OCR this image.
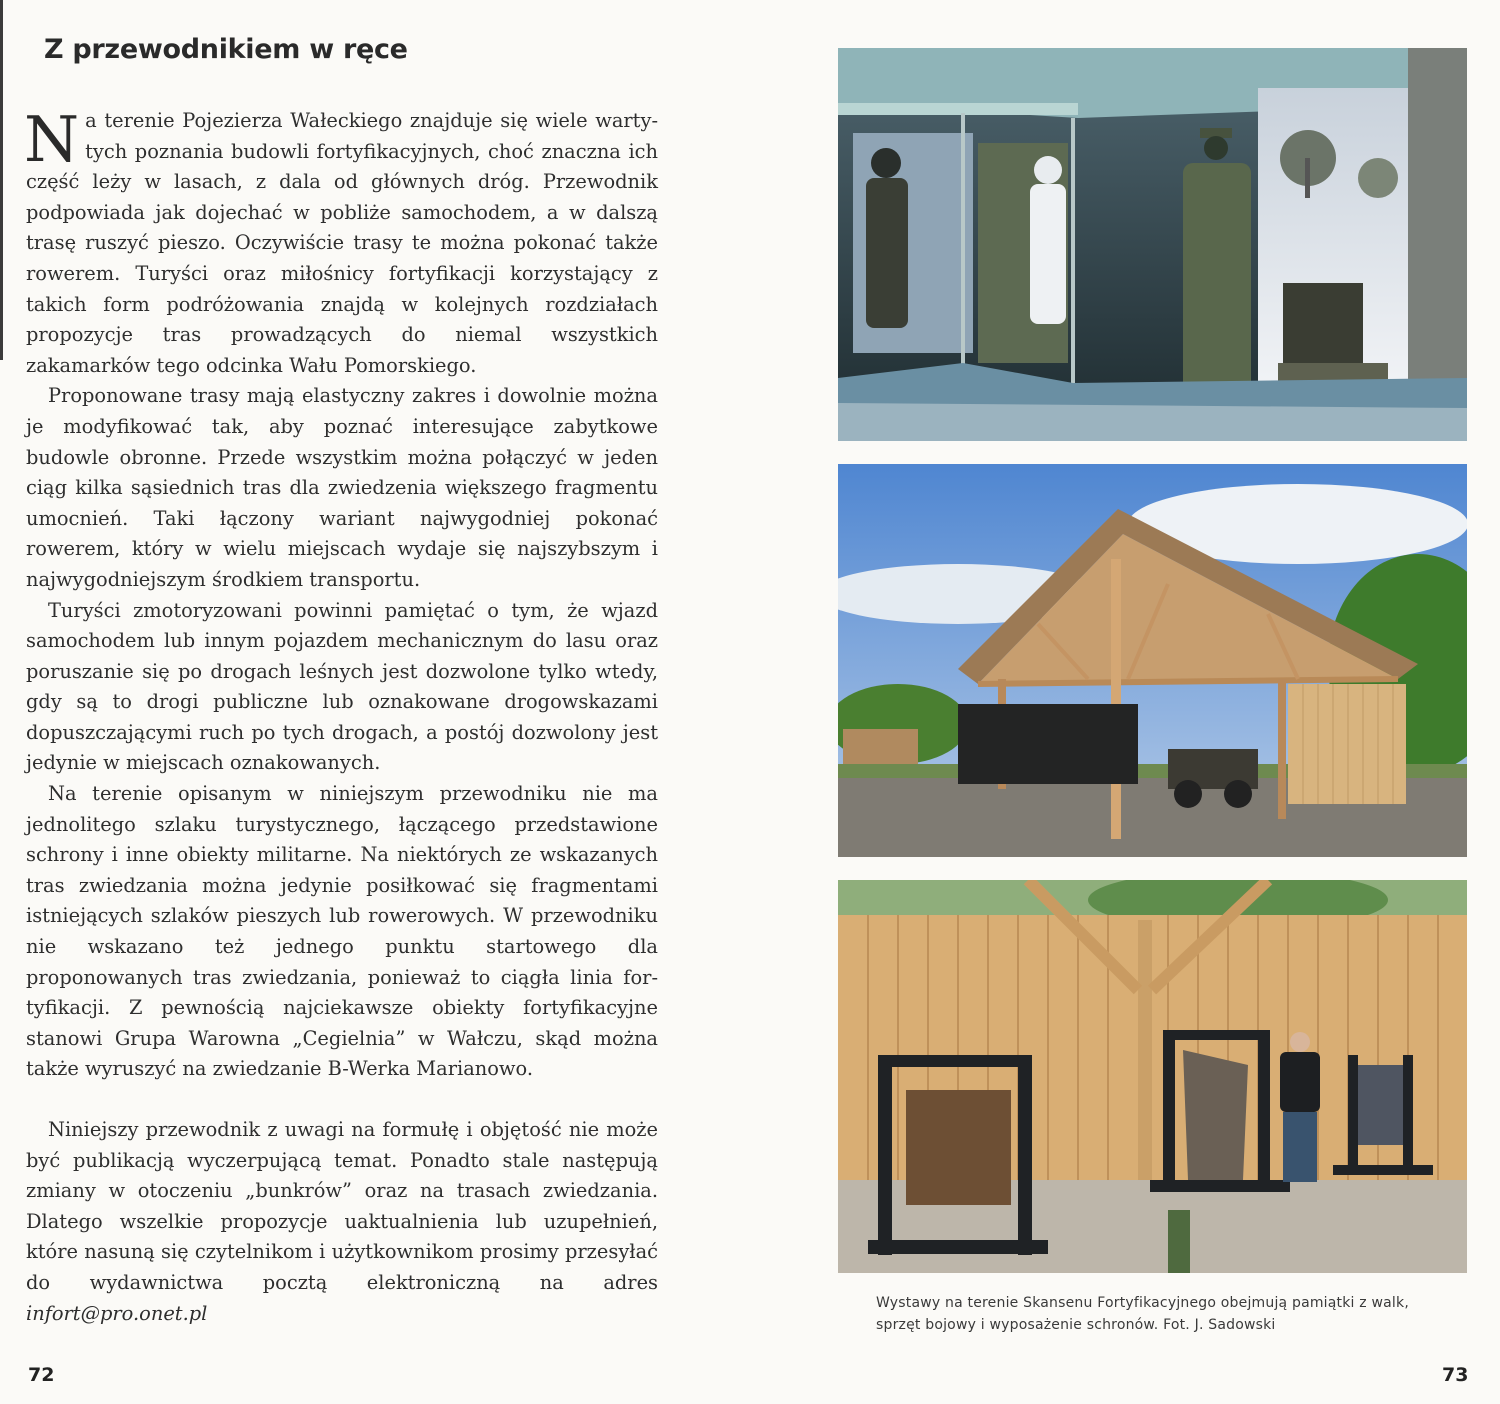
Z przewodnikiem w ręce

Na terenie Pojezierza Wałeckiego znajduje się wiele wartytych poznania budowli fortyfikacyjnych, choć znaczna ich część leży w lasach, z dala od głównych dróg. Przewodnik podpowiada jak dojechać w pobliże samochodem, a w dalszą trasę ruszyć pieszo. Oczywiście trasy te można pokonać także rowerem. Turyści oraz miłośnicy fortyfikacji korzystający z takich form podróżowania znajdą w kolejnych rozdziałach propozycje tras prowadzących do niemal wszystkich zakamarków tego odcinka Wału Pomorskiego.

Proponowane trasy mają elastyczny zakres i dowolnie można je modyfikować tak, aby poznać interesujące zabytkowe budowle obronne. Przede wszystkim można połączyć w jeden ciąg kilka sąsiednich tras dla zwiedzenia większego fragmentu umocnień. Taki łączony wariant najwygodniej pokonać rowerem, który w wielu miejscach wydaje się najszybszym i najwygodniejszym środkiem transportu.

Turyści zmotoryzowani powinni pamiętać o tym, że wjazd samochodem lub innym pojazdem mechanicznym do lasu oraz poruszanie się po drogach leśnych jest dozwolone tylko wtedy, gdy są to drogi publiczne lub oznakowane drogowskazami dopuszczającymi ruch po tych drogach, a postój dozwolony jest jedynie w miejscach oznakowanych.

Na terenie opisanym w niniejszym przewodniku nie ma jednolitego szlaku turystycznego, łączącego przedstawione schrony i inne obiekty militarne. Na niektórych ze wskazanych tras zwiedzania można jedynie posiłkować się fragmentami istniejących szlaków pieszych lub rowerowych. W przewodniku nie wskazano też jednego punktu startowego dla proponowanych tras zwiedzania, ponieważ to ciągła linia fortyfikacji. Z pewnością najciekawsze obiekty fortyfikacyjne stanowi Grupa Warowna „Cegielnia” w Wałczu, skąd można także wyruszyć na zwiedzanie B-Werka Marianowo.

Niniejszy przewodnik z uwagi na formułę i objętość nie może być publikacją wyczerpującą temat. Ponadto stale następują zmiany w otoczeniu „bunkrów” oraz na trasach zwiedzania. Dlatego wszelkie propozycje uaktualnienia lub uzupełnień, które nasuną się czytelnikom i użytkownikom prosimy przesyłać do wydawnictwa pocztą elektroniczną na adres infort@pro.onet.pl

72
Wystawy na terenie Skansenu Fortyfikacyjnego obejmują pamiątki z walk, sprzęt bojowy i wyposażenie schronów. Fot. J. Sadowski
73
